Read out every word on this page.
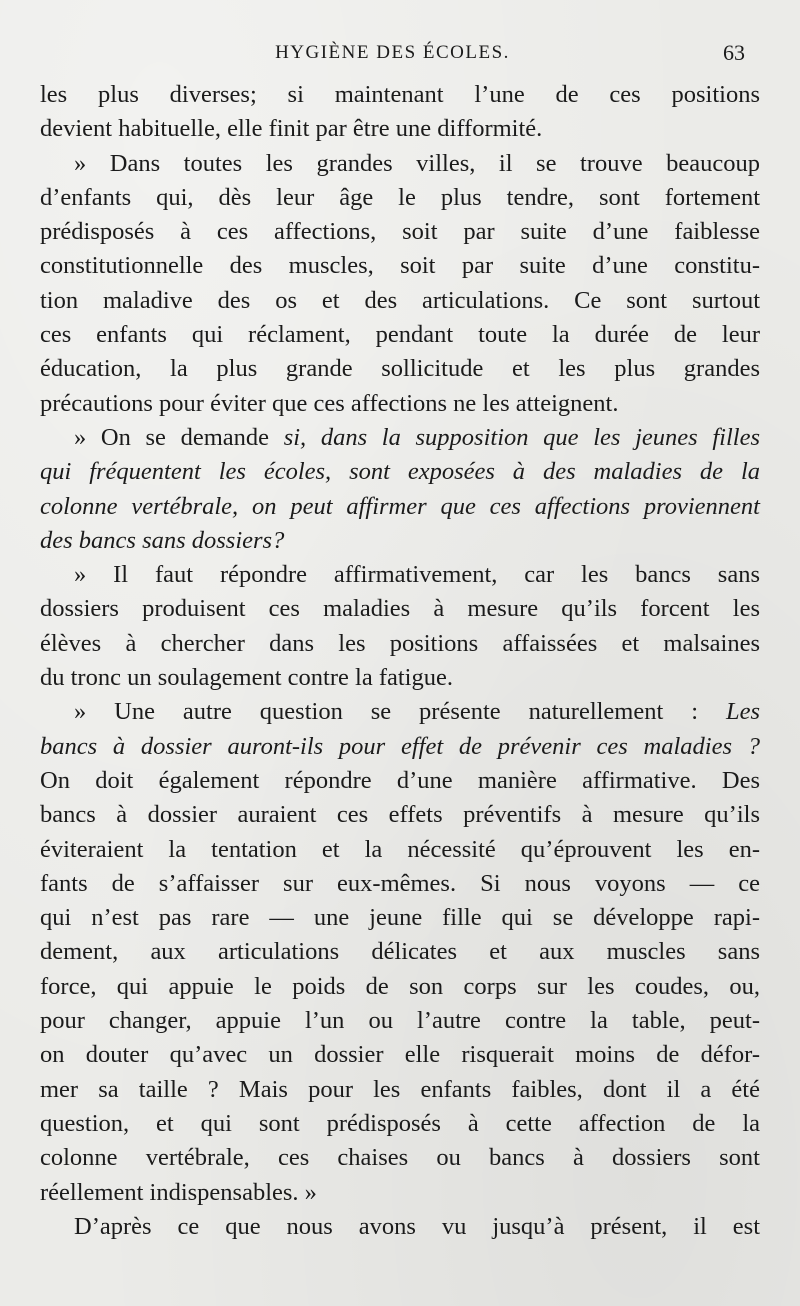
HYGIÈNE DES ÉCOLES.	63
les plus diverses; si maintenant l’une de ces positions
devient habituelle, elle finit par être une difformité.
» Dans toutes les grandes villes, il se trouve beaucoup
d’enfants qui, dès leur âge le plus tendre, sont fortement
prédisposés à ces affections, soit par suite d’une faiblesse
constitutionnelle des muscles, soit par suite d’une constitu-
tion maladive des os et des articulations. Ce sont surtout
ces enfants qui réclament, pendant toute la durée de leur
éducation, la plus grande sollicitude et les plus grandes
précautions pour éviter que ces affections ne les atteignent.
» On se demande si, dans la supposition que les jeunes filles
qui fréquentent les écoles, sont exposées à des maladies de la
colonne vertébrale, on peut affirmer que ces affections proviennent
des bancs sans dossiers?
» Il faut répondre affirmativement, car les bancs sans
dossiers produisent ces maladies à mesure qu’ils forcent les
élèves à chercher dans les positions affaissées et malsaines
du tronc un soulagement contre la fatigue.
» Une autre question se présente naturellement : Les
bancs à dossier auront-ils pour effet de prévenir ces maladies ?
On doit également répondre d’une manière affirmative. Des
bancs à dossier auraient ces effets préventifs à mesure qu’ils
éviteraient la tentation et la nécessité qu’éprouvent les en-
fants de s’affaisser sur eux-mêmes. Si nous voyons — ce
qui n’est pas rare — une jeune fille qui se développe rapi-
dement, aux articulations délicates et aux muscles sans
force, qui appuie le poids de son corps sur les coudes, ou,
pour changer, appuie l’un ou l’autre contre la table, peut-
on douter qu’avec un dossier elle risquerait moins de défor-
mer sa taille ? Mais pour les enfants faibles, dont il a été
question, et qui sont prédisposés à cette affection de la
colonne vertébrale, ces chaises ou bancs à dossiers sont
réellement indispensables. »
D’après ce que nous avons vu jusqu’à présent, il est
